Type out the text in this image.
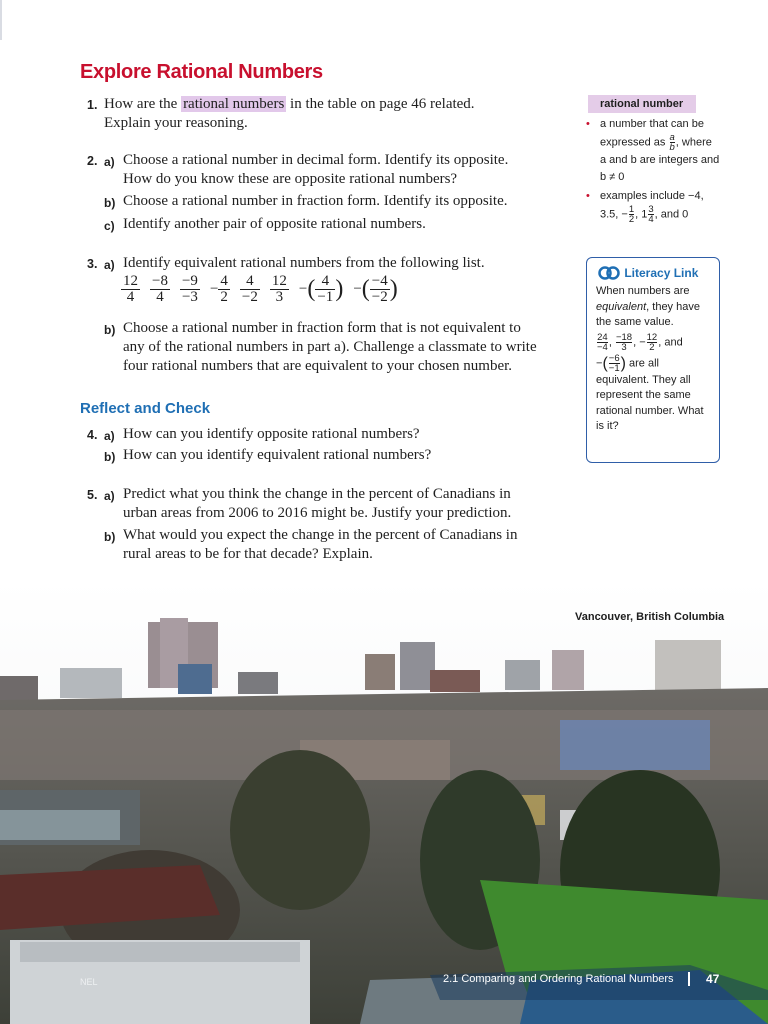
Explore Rational Numbers
1. How are the rational numbers in the table on page 46 related.
Explain your reasoning.
2. a) Choose a rational number in decimal form. Identify its opposite.
How do you know these are opposite rational numbers?
b) Choose a rational number in fraction form. Identify its opposite.
c) Identify another pair of opposite rational numbers.
3. a) Identify equivalent rational numbers from the following list.
$\frac{12}{4} \frac{-8}{4} \frac{-9}{-3} - \frac{4}{2} \frac{4}{-2} \frac{12}{3}$ −( $\frac{4}{-1}$ ) −( $\frac{-4}{-2}$ )
b) Choose a rational number in fraction form that is not equivalent to
any of the rational numbers in part a). Challenge a classmate to write
four rational numbers that are equivalent to your chosen number.
Reflect and Check
4. a) How can you identify opposite rational numbers?
b) How can you identify equivalent rational numbers?
5. a) Predict what you think the change in the percent of Canadians in
urban areas from 2006 to 2016 might be. Justify your prediction.
b) What would you expect the change in the percent of Canadians in
rural areas to be for that decade? Explain.
rational number
• a number that can be
expressed as $\frac{a}{b}$ , where
a and b are integers and
b ≠ 0
• examples include −4,
3.5, − $\frac{1}{2}$ , $1 \frac{3}{4}$ , and 0
Literacy Link
When numbers are
equivalent, they have
the same value.
$\frac{24}{-4}$ , $\frac{-18}{3}$ , − $\frac{12}{2}$ , and
−( $\frac{-6}{-1}$ ) are all
equivalent. They all
represent the same
rational number. What
is it?
Vancouver, British Columbia
NEL	2.1 Comparing and Ordering Rational Numbers	47
